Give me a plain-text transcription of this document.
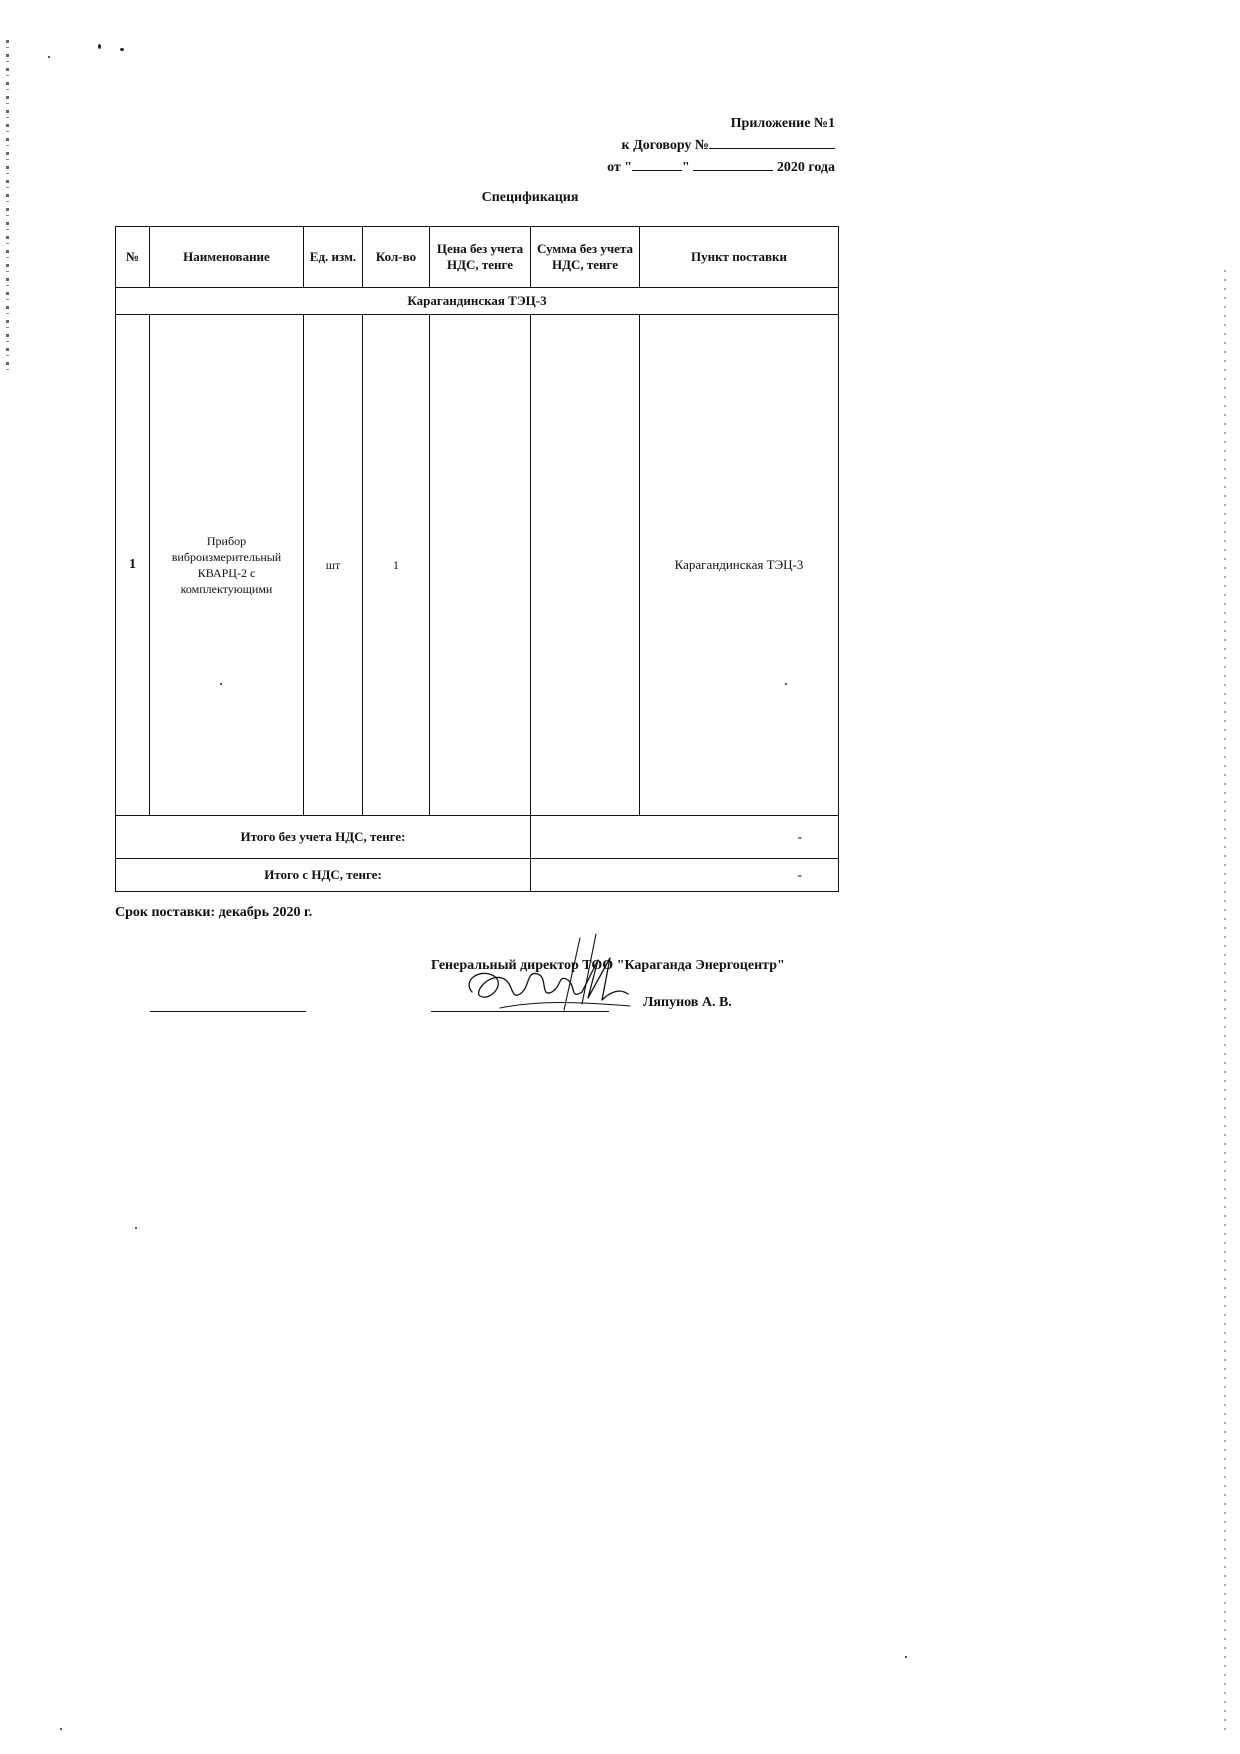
Приложение №1
к Договору №
от "	"	2020 года
Спецификация
№	Наименование	Ед. изм.	Кол-во	Цена без учета НДС, тенге	Сумма без учета НДС, тенге	Пункт поставки
Карагандинская ТЭЦ-3						
1	Прибор виброизмерительный КВАРЦ-2 с комплектующими	шт	1			Карагандинская ТЭЦ-3
Итого без учета НДС, тенге:					-	
Итого с НДС, тенге:					-	
Срок поставки: декабрь 2020 г.
Генеральный директор ТОО "Караганда Энергоцентр"
Ляпунов А. В.
